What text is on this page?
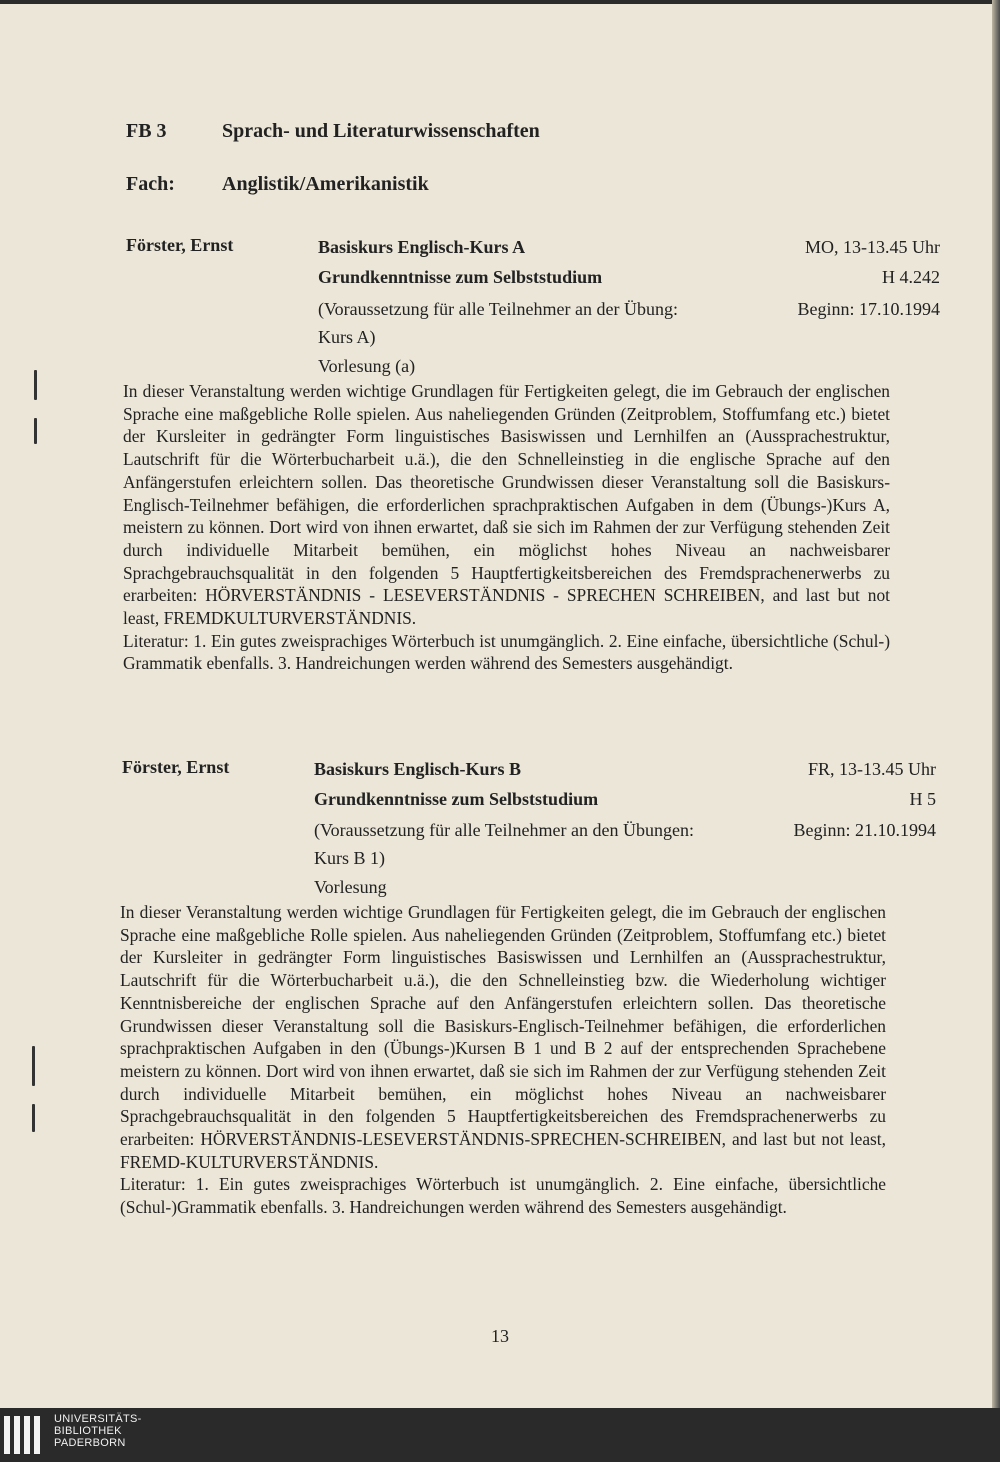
FB 3	Sprach- und Literaturwissenschaften
Fach: Anglistik/Amerikanistik
Förster, Ernst	Basiskurs Englisch-Kurs A	MO, 13-13.45 Uhr
Grundkenntnisse zum Selbststudium	H 4.242
(Voraussetzung für alle Teilnehmer an der Übung:	Beginn: 17.10.1994
Kurs A)
Vorlesung (a)
In dieser Veranstaltung werden wichtige Grundlagen für Fertigkeiten gelegt, die im Gebrauch der englischen Sprache eine maßgebliche Rolle spielen. Aus naheliegenden Gründen (Zeitproblem, Stoffumfang etc.) bietet der Kursleiter in gedrängter Form linguistisches Basiswissen und Lernhilfen an (Aussprachestruktur, Lautschrift für die Wörterbucharbeit u.ä.), die den Schnelleinstieg in die englische Sprache auf den Anfängerstufen erleichtern sollen. Das theoretische Grundwissen dieser Veranstaltung soll die Basiskurs-Englisch-Teilnehmer befähigen, die erforderlichen sprachpraktischen Aufgaben in dem (Übungs-)Kurs A, meistern zu können. Dort wird von ihnen erwartet, daß sie sich im Rahmen der zur Verfügung stehenden Zeit durch individuelle Mitarbeit bemühen, ein möglichst hohes Niveau an nachweisbarer Sprachgebrauchsqualität in den folgenden 5 Hauptfertigkeitsbereichen des Fremdsprachenerwerbs zu erarbeiten: HÖRVERSTÄNDNIS - LESEVERSTÄNDNIS - SPRECHEN SCHREIBEN, and last but not least, FREMDKULTURVERSTÄNDNIS.
Literatur: 1. Ein gutes zweisprachiges Wörterbuch ist unumgänglich. 2. Eine einfache, übersichtliche (Schul-) Grammatik ebenfalls. 3. Handreichungen werden während des Semesters ausgehändigt.
Förster, Ernst	Basiskurs Englisch-Kurs B	FR, 13-13.45 Uhr
Grundkenntnisse zum Selbststudium	H 5
(Voraussetzung für alle Teilnehmer an den Übungen:	Beginn: 21.10.1994
Kurs B 1)
Vorlesung
In dieser Veranstaltung werden wichtige Grundlagen für Fertigkeiten gelegt, die im Gebrauch der englischen Sprache eine maßgebliche Rolle spielen. Aus naheliegenden Gründen (Zeitproblem, Stoffumfang etc.) bietet der Kursleiter in gedrängter Form linguistisches Basiswissen und Lernhilfen an (Aussprachestruktur, Lautschrift für die Wörterbucharbeit u.ä.), die den Schnelleinstieg bzw. die Wiederholung wichtiger Kenntnisbereiche der englischen Sprache auf den Anfängerstufen erleichtern sollen. Das theoretische Grundwissen dieser Veranstaltung soll die Basiskurs-Englisch-Teilnehmer befähigen, die erforderlichen sprachpraktischen Aufgaben in den (Übungs-)Kursen B 1 und B 2 auf der entsprechenden Sprachebene meistern zu können. Dort wird von ihnen erwartet, daß sie sich im Rahmen der zur Verfügung stehenden Zeit durch individuelle Mitarbeit bemühen, ein möglichst hohes Niveau an nachweisbarer Sprachgebrauchsqualität in den folgenden 5 Hauptfertigkeitsbereichen des Fremdsprachenerwerbs zu erarbeiten: HÖRVERSTÄNDNIS-LESEVERSTÄNDNIS-SPRECHEN-SCHREIBEN, and last but not least, FREMD-KULTURVERSTÄNDNIS.
Literatur: 1. Ein gutes zweisprachiges Wörterbuch ist unumgänglich. 2. Eine einfache, übersichtliche (Schul-)Grammatik ebenfalls. 3. Handreichungen werden während des Semesters ausgehändigt.
13
UNIVERSITÄTS-
BIBLIOTHEK
PADERBORN
